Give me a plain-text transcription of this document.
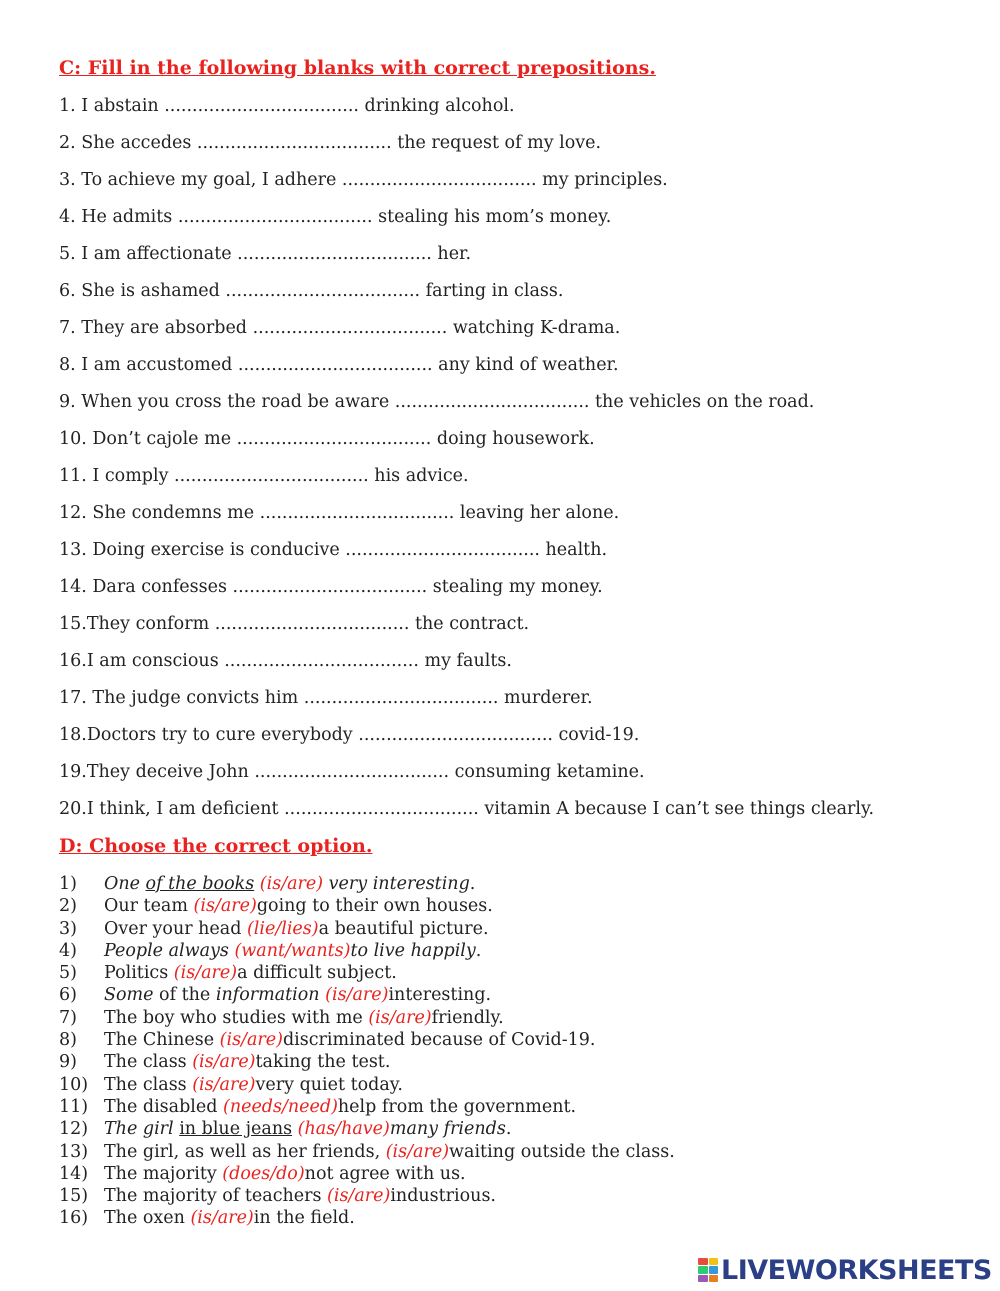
C: Fill in the following blanks with correct prepositions.
1. I abstain ................................... drinking alcohol.
2. She accedes ................................... the request of my love.
3. To achieve my goal, I adhere ................................... my principles.
4. He admits ................................... stealing his mom’s money.
5. I am affectionate ................................... her.
6. She is ashamed ................................... farting in class.
7. They are absorbed ................................... watching K-drama.
8. I am accustomed ................................... any kind of weather.
9. When you cross the road be aware ................................... the vehicles on the road.
10. Don’t cajole me ................................... doing housework.
11. I comply ................................... his advice.
12. She condemns me ................................... leaving her alone.
13. Doing exercise is conducive ................................... health.
14. Dara confesses ................................... stealing my money.
15.They conform ................................... the contract.
16.I am conscious ................................... my faults.
17. The judge convicts him ................................... murderer.
18.Doctors try to cure everybody ................................... covid-19.
19.They deceive John ................................... consuming ketamine.
20.I think, I am deficient ................................... vitamin A because I can’t see things clearly.
D: Choose the correct option.
1) One of the books (is/are) very interesting.
2) Our team (is/are)going to their own houses.
3) Over your head (lie/lies)a beautiful picture.
4) People always (want/wants)to live happily.
5) Politics (is/are)a difficult subject.
6) Some of the information (is/are)interesting.
7) The boy who studies with me (is/are)friendly.
8) The Chinese (is/are)discriminated because of Covid-19.
9) The class (is/are)taking the test.
10) The class (is/are)very quiet today.
11) The disabled (needs/need)help from the government.
12) The girl in blue jeans (has/have)many friends.
13) The girl, as well as her friends, (is/are)waiting outside the class.
14) The majority (does/do)not agree with us.
15) The majority of teachers (is/are)industrious.
16) The oxen (is/are)in the field.
LIVEWORKSHEETS
